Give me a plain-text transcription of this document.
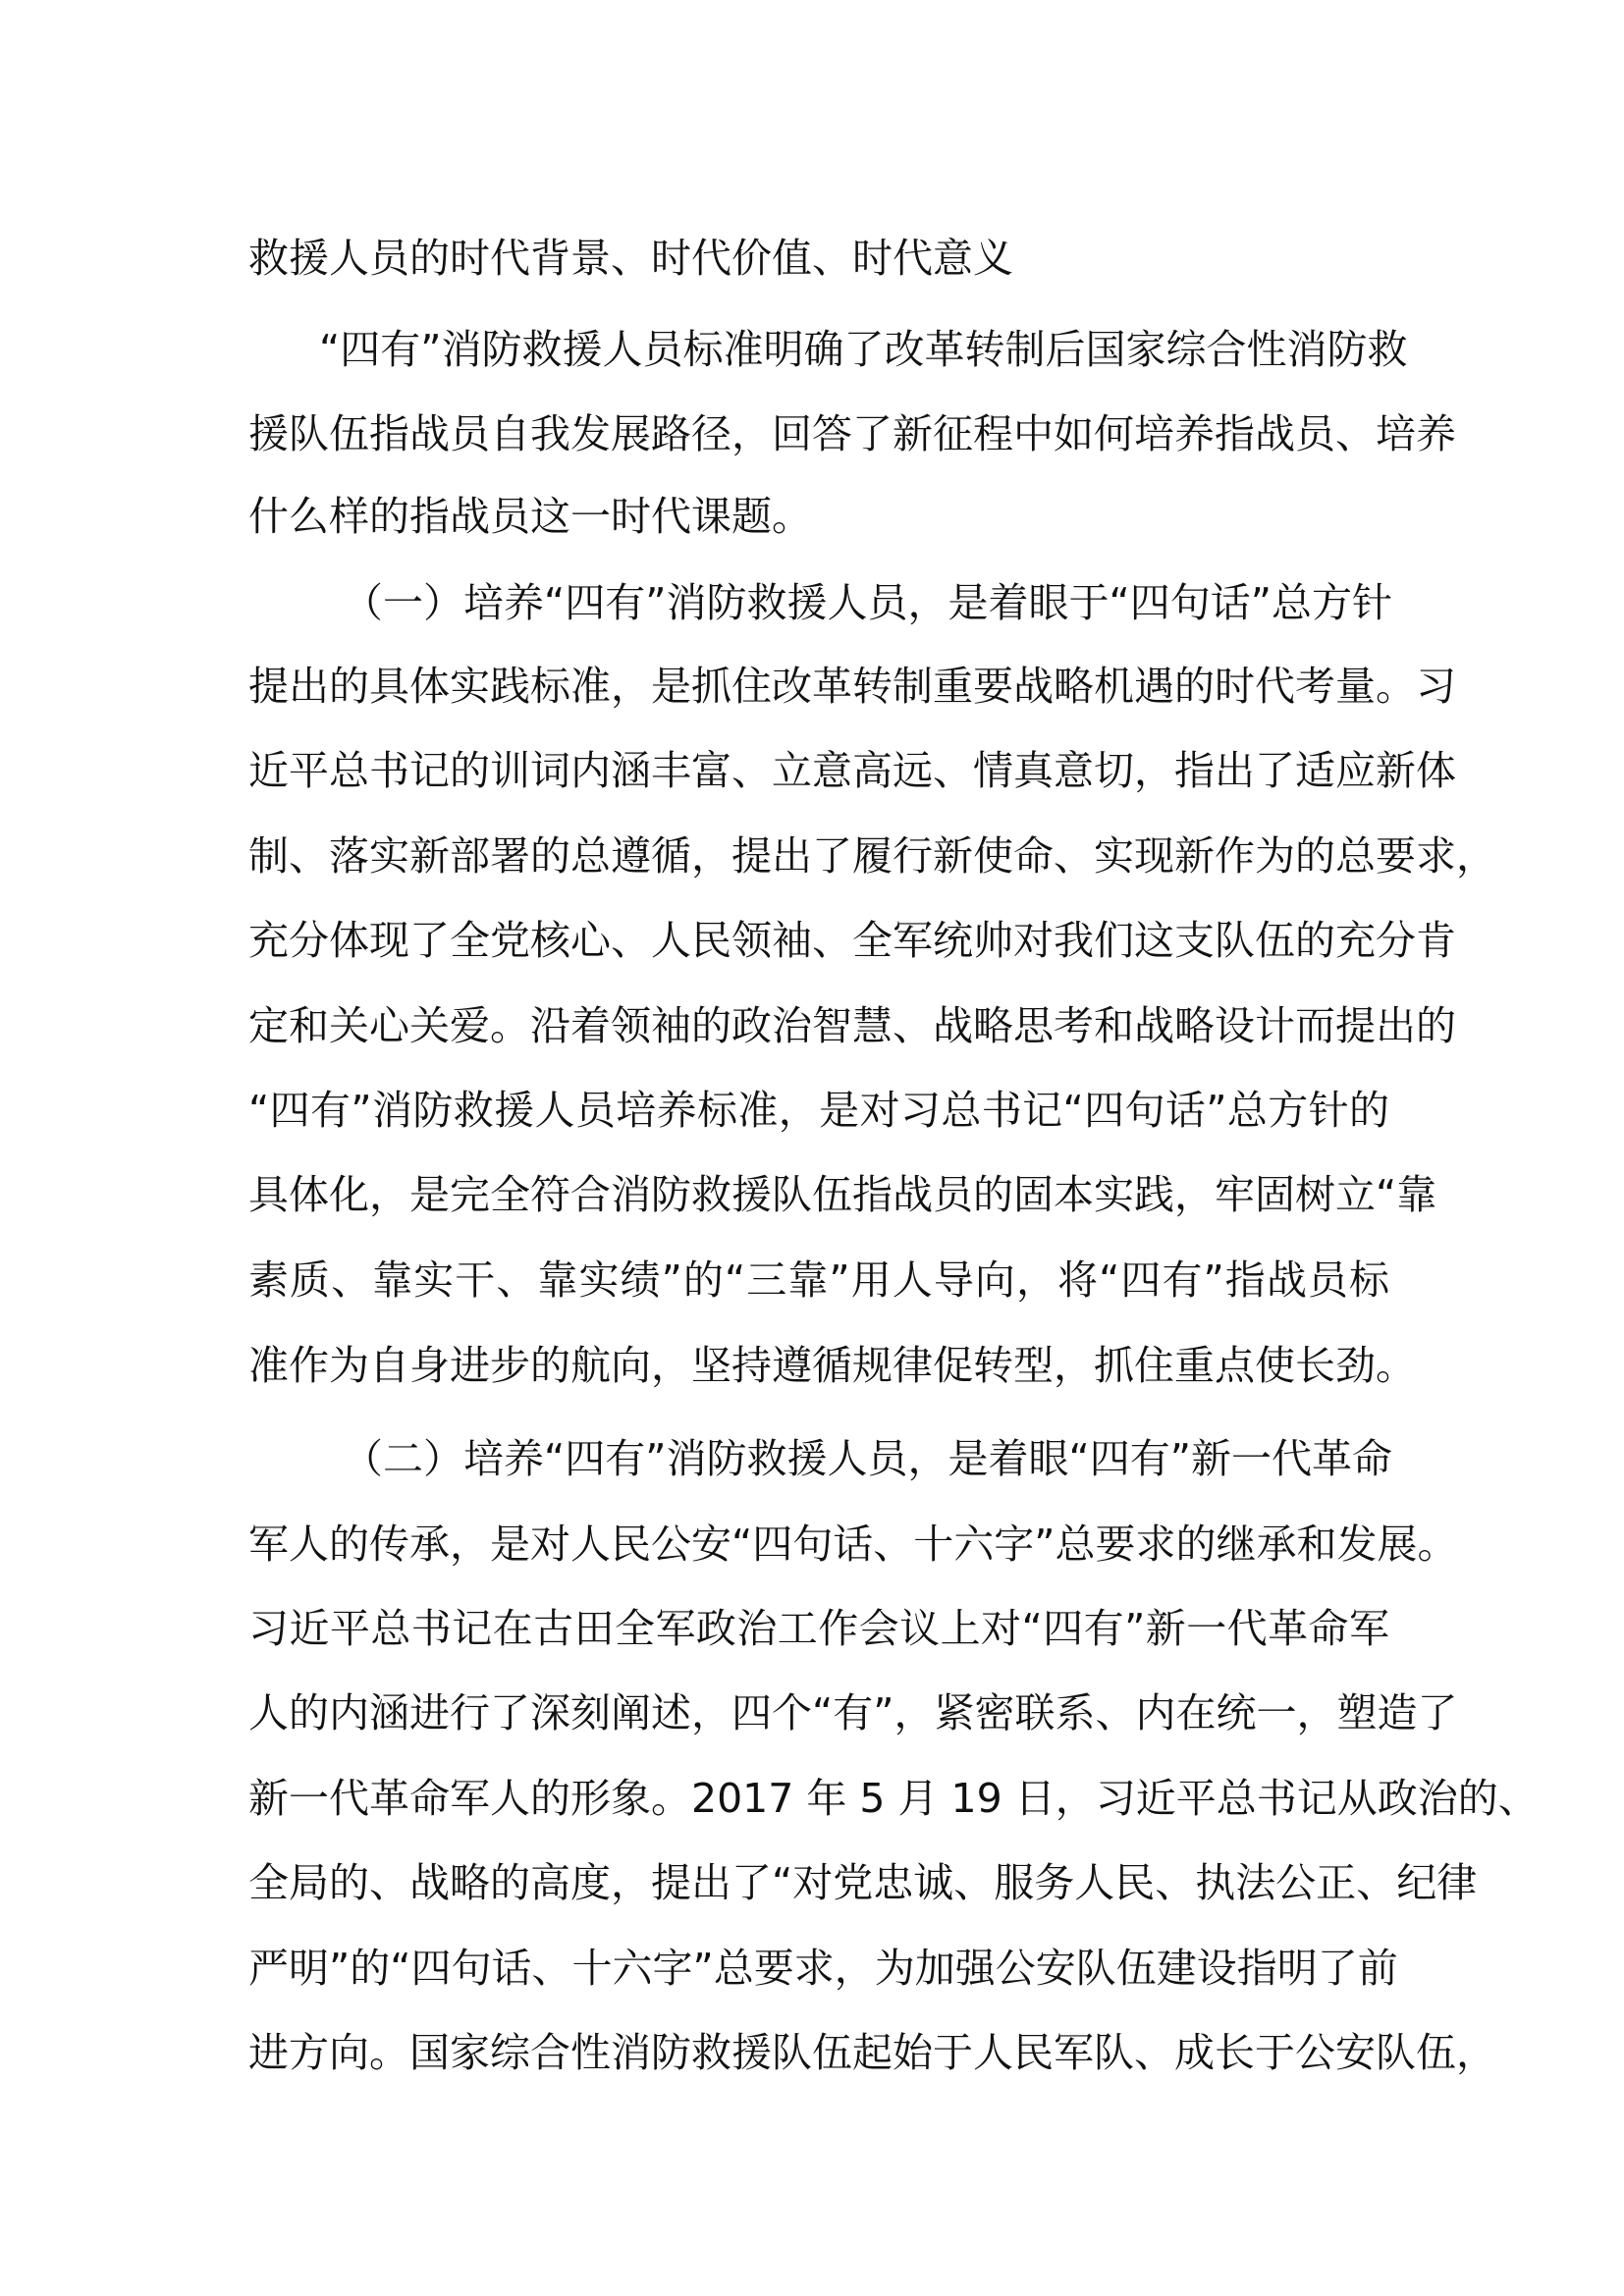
救援人员的时代背景、时代价值、时代意义
“四有”消防救援人员标准明确了改革转制后国家综合性消防救
援队伍指战员自我发展路径，回答了新征程中如何培养指战员、培养
什么样的指战员这一时代课题。
（一）培养“四有”消防救援人员，是着眼于“四句话”总方针
提出的具体实践标准，是抓住改革转制重要战略机遇的时代考量。习
近平总书记的训词内涵丰富、立意高远、情真意切，指出了适应新体
制、落实新部署的总遵循，提出了履行新使命、实现新作为的总要求，
充分体现了全党核心、人民领袖、全军统帅对我们这支队伍的充分肯
定和关心关爱。沿着领袖的政治智慧、战略思考和战略设计而提出的
“四有”消防救援人员培养标准，是对习总书记“四句话”总方针的
具体化，是完全符合消防救援队伍指战员的固本实践，牢固树立“靠
素质、靠实干、靠实绩”的“三靠”用人导向，将“四有”指战员标
准作为自身进步的航向，坚持遵循规律促转型，抓住重点使长劲。
（二）培养“四有”消防救援人员，是着眼“四有”新一代革命
军人的传承，是对人民公安“四句话、十六字”总要求的继承和发展。
习近平总书记在古田全军政治工作会议上对“四有”新一代革命军
人的内涵进行了深刻阐述，四个“有”，紧密联系、内在统一，塑造了
新一代革命军人的形象。2017 年 5 月 19 日，习近平总书记从政治的、
全局的、战略的高度，提出了“对党忠诚、服务人民、执法公正、纪律
严明”的“四句话、十六字”总要求，为加强公安队伍建设指明了前
进方向。国家综合性消防救援队伍起始于人民军队、成长于公安队伍，
